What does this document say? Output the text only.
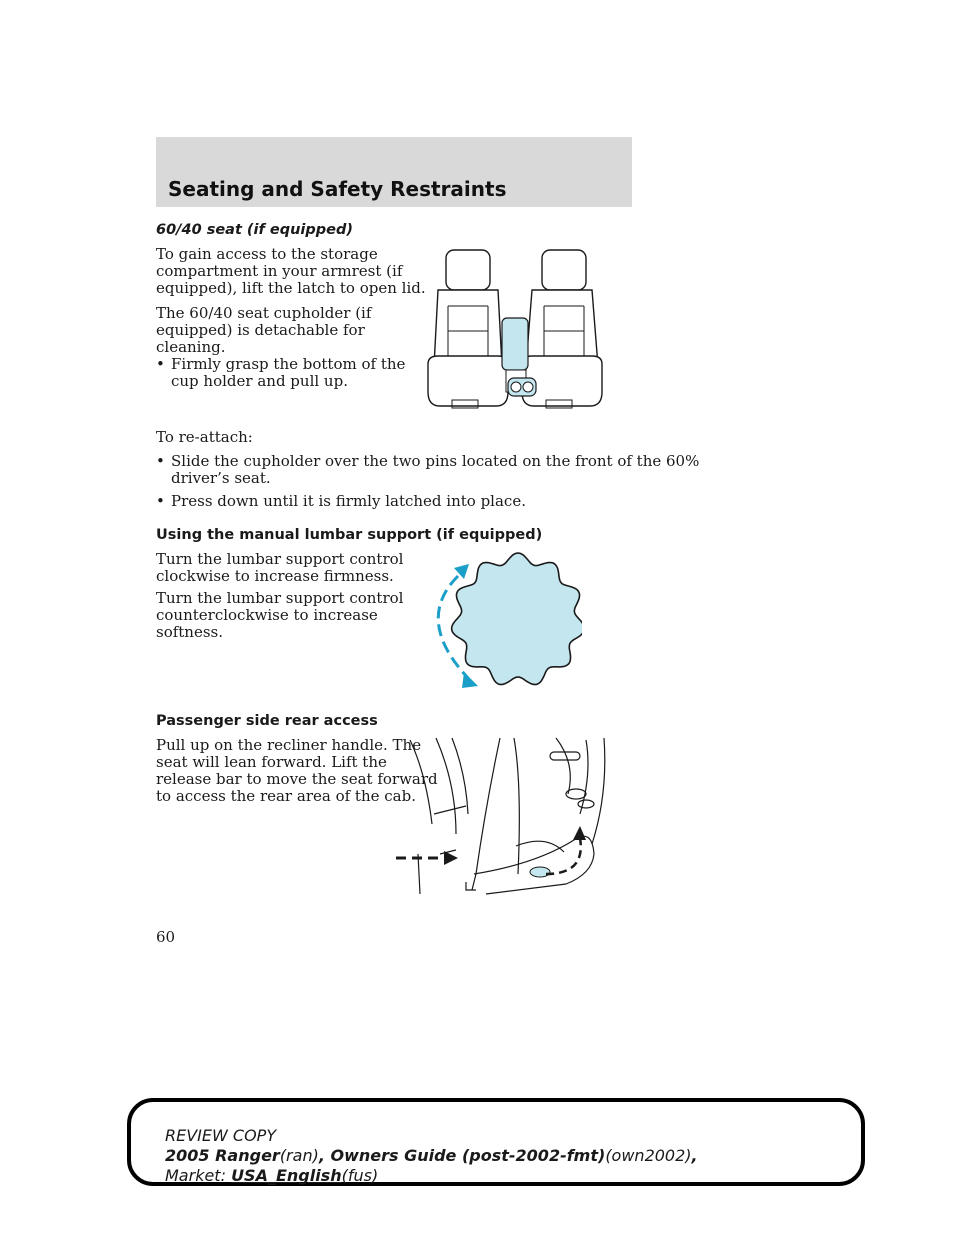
Seating and Safety Restraints

60/40 seat (if equipped)

To gain access to the storage
compartment in your armrest (if
equipped), lift the latch to open lid.

The 60/40 seat cupholder (if
equipped) is detachable for
cleaning.

• Firmly grasp the bottom of the
cup holder and pull up.

To re-attach:

• Slide the cupholder over the two pins located on the front of the 60%
driver’s seat.
• Press down until it is firmly latched into place.

Using the manual lumbar support (if equipped)

Turn the lumbar support control
clockwise to increase firmness.

Turn the lumbar support control
counterclockwise to increase
softness.

Passenger side rear access

Pull up on the recliner handle. The
seat will lean forward. Lift the
release bar to move the seat forward
to access the rear area of the cab.

60

REVIEW COPY

2005 Ranger(ran), Owners Guide (post-2002-fmt)(own2002),

Market: USA_English(fus)
